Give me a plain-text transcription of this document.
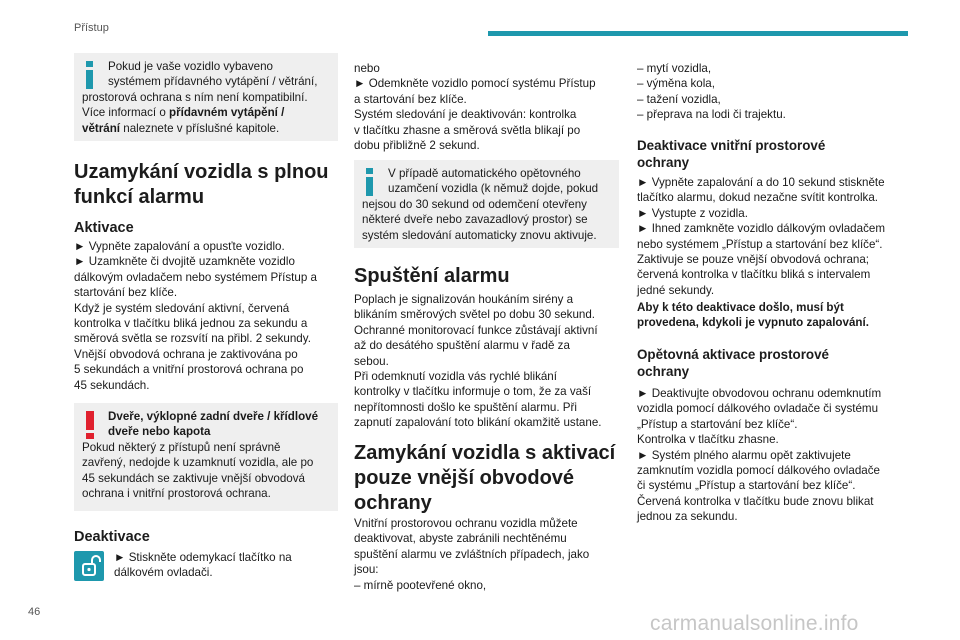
Přístup
46	carmanualsonline.info

Pokud je vaše vozidlo vybaveno
systémem přídavného vytápění / větrání,

prostorová ochrana s ním není kompatibilní.
Více informací o přídavném vytápění /
větrání naleznete v příslušné kapitole.

Uzamykání vozidla s plnou
funkcí alarmu
Aktivace

► Vypněte zapalování a opusťte vozidlo.
► Uzamkněte či dvojitě uzamkněte vozidlo
dálkovým ovladačem nebo systémem Přístup a
startování bez klíče.
Když je systém sledování aktivní, červená
kontrolka v tlačítku bliká jednou za sekundu a
směrová světla se rozsvítí na přibl. 2 sekundy.
Vnější obvodová ochrana je zaktivována po
5 sekundách a vnitřní prostorová ochrana po
45 sekundách.

Dveře, výklopné zadní dveře / křídlové
dveře nebo kapota

Pokud některý z přístupů není správně
zavřený, nedojde k uzamknutí vozidla, ale po
45 sekundách se zaktivuje vnější obvodová
ochrana i vnitřní prostorová ochrana.

Deaktivace

► Stiskněte odemykací tlačítko na
dálkovém ovladači.

nebo
► Odemkněte vozidlo pomocí systému Přístup
a startování bez klíče.
Systém sledování je deaktivován: kontrolka
v tlačítku zhasne a směrová světla blikají po
dobu přibližně 2 sekund.

V případě automatického opětovného
uzamčení vozidla (k němuž dojde, pokud

nejsou do 30 sekund od odemčení otevřeny
některé dveře nebo zavazadlový prostor) se
systém sledování automaticky znovu aktivuje.

Spuštění alarmu

Poplach je signalizován houkáním sirény a
blikáním směrových světel po dobu 30 sekund.
Ochranné monitorovací funkce zůstávají aktivní
až do desátého spuštění alarmu v řadě za
sebou.
Při odemknutí vozidla vás rychlé blikání
kontrolky v tlačítku informuje o tom, že za vaší
nepřítomnosti došlo ke spuštění alarmu. Při
zapnutí zapalování toto blikání okamžitě ustane.

Zamykání vozidla s aktivací
pouze vnější obvodové
ochrany

Vnitřní prostorovou ochranu vozidla můžete
deaktivovat, abyste zabránili nechtěnému
spuštění alarmu ve zvláštních případech, jako
jsou:
– mírně pootevřené okno,

– mytí vozidla,
– výměna kola,
– tažení vozidla,
– přeprava na lodi či trajektu.

Deaktivace vnitřní prostorové
ochrany

► Vypněte zapalování a do 10 sekund stiskněte
tlačítko alarmu, dokud nezačne svítit kontrolka.
► Vystupte z vozidla.
► Ihned zamkněte vozidlo dálkovým ovladačem
nebo systémem „Přístup a startování bez klíče“.
Zaktivuje se pouze vnější obvodová ochrana;
červená kontrolka v tlačítku bliká s intervalem
jedné sekundy.

Aby k této deaktivace došlo, musí být
provedena, kdykoli je vypnuto zapalování.

Opětovná aktivace prostorové
ochrany

► Deaktivujte obvodovou ochranu odemknutím
vozidla pomocí dálkového ovladače či systému
„Přístup a startování bez klíče“.
Kontrolka v tlačítku zhasne.
► Systém plného alarmu opět zaktivujete
zamknutím vozidla pomocí dálkového ovladače
či systému „Přístup a startování bez klíče“.
Červená kontrolka v tlačítku bude znovu blikat
jednou za sekundu.
